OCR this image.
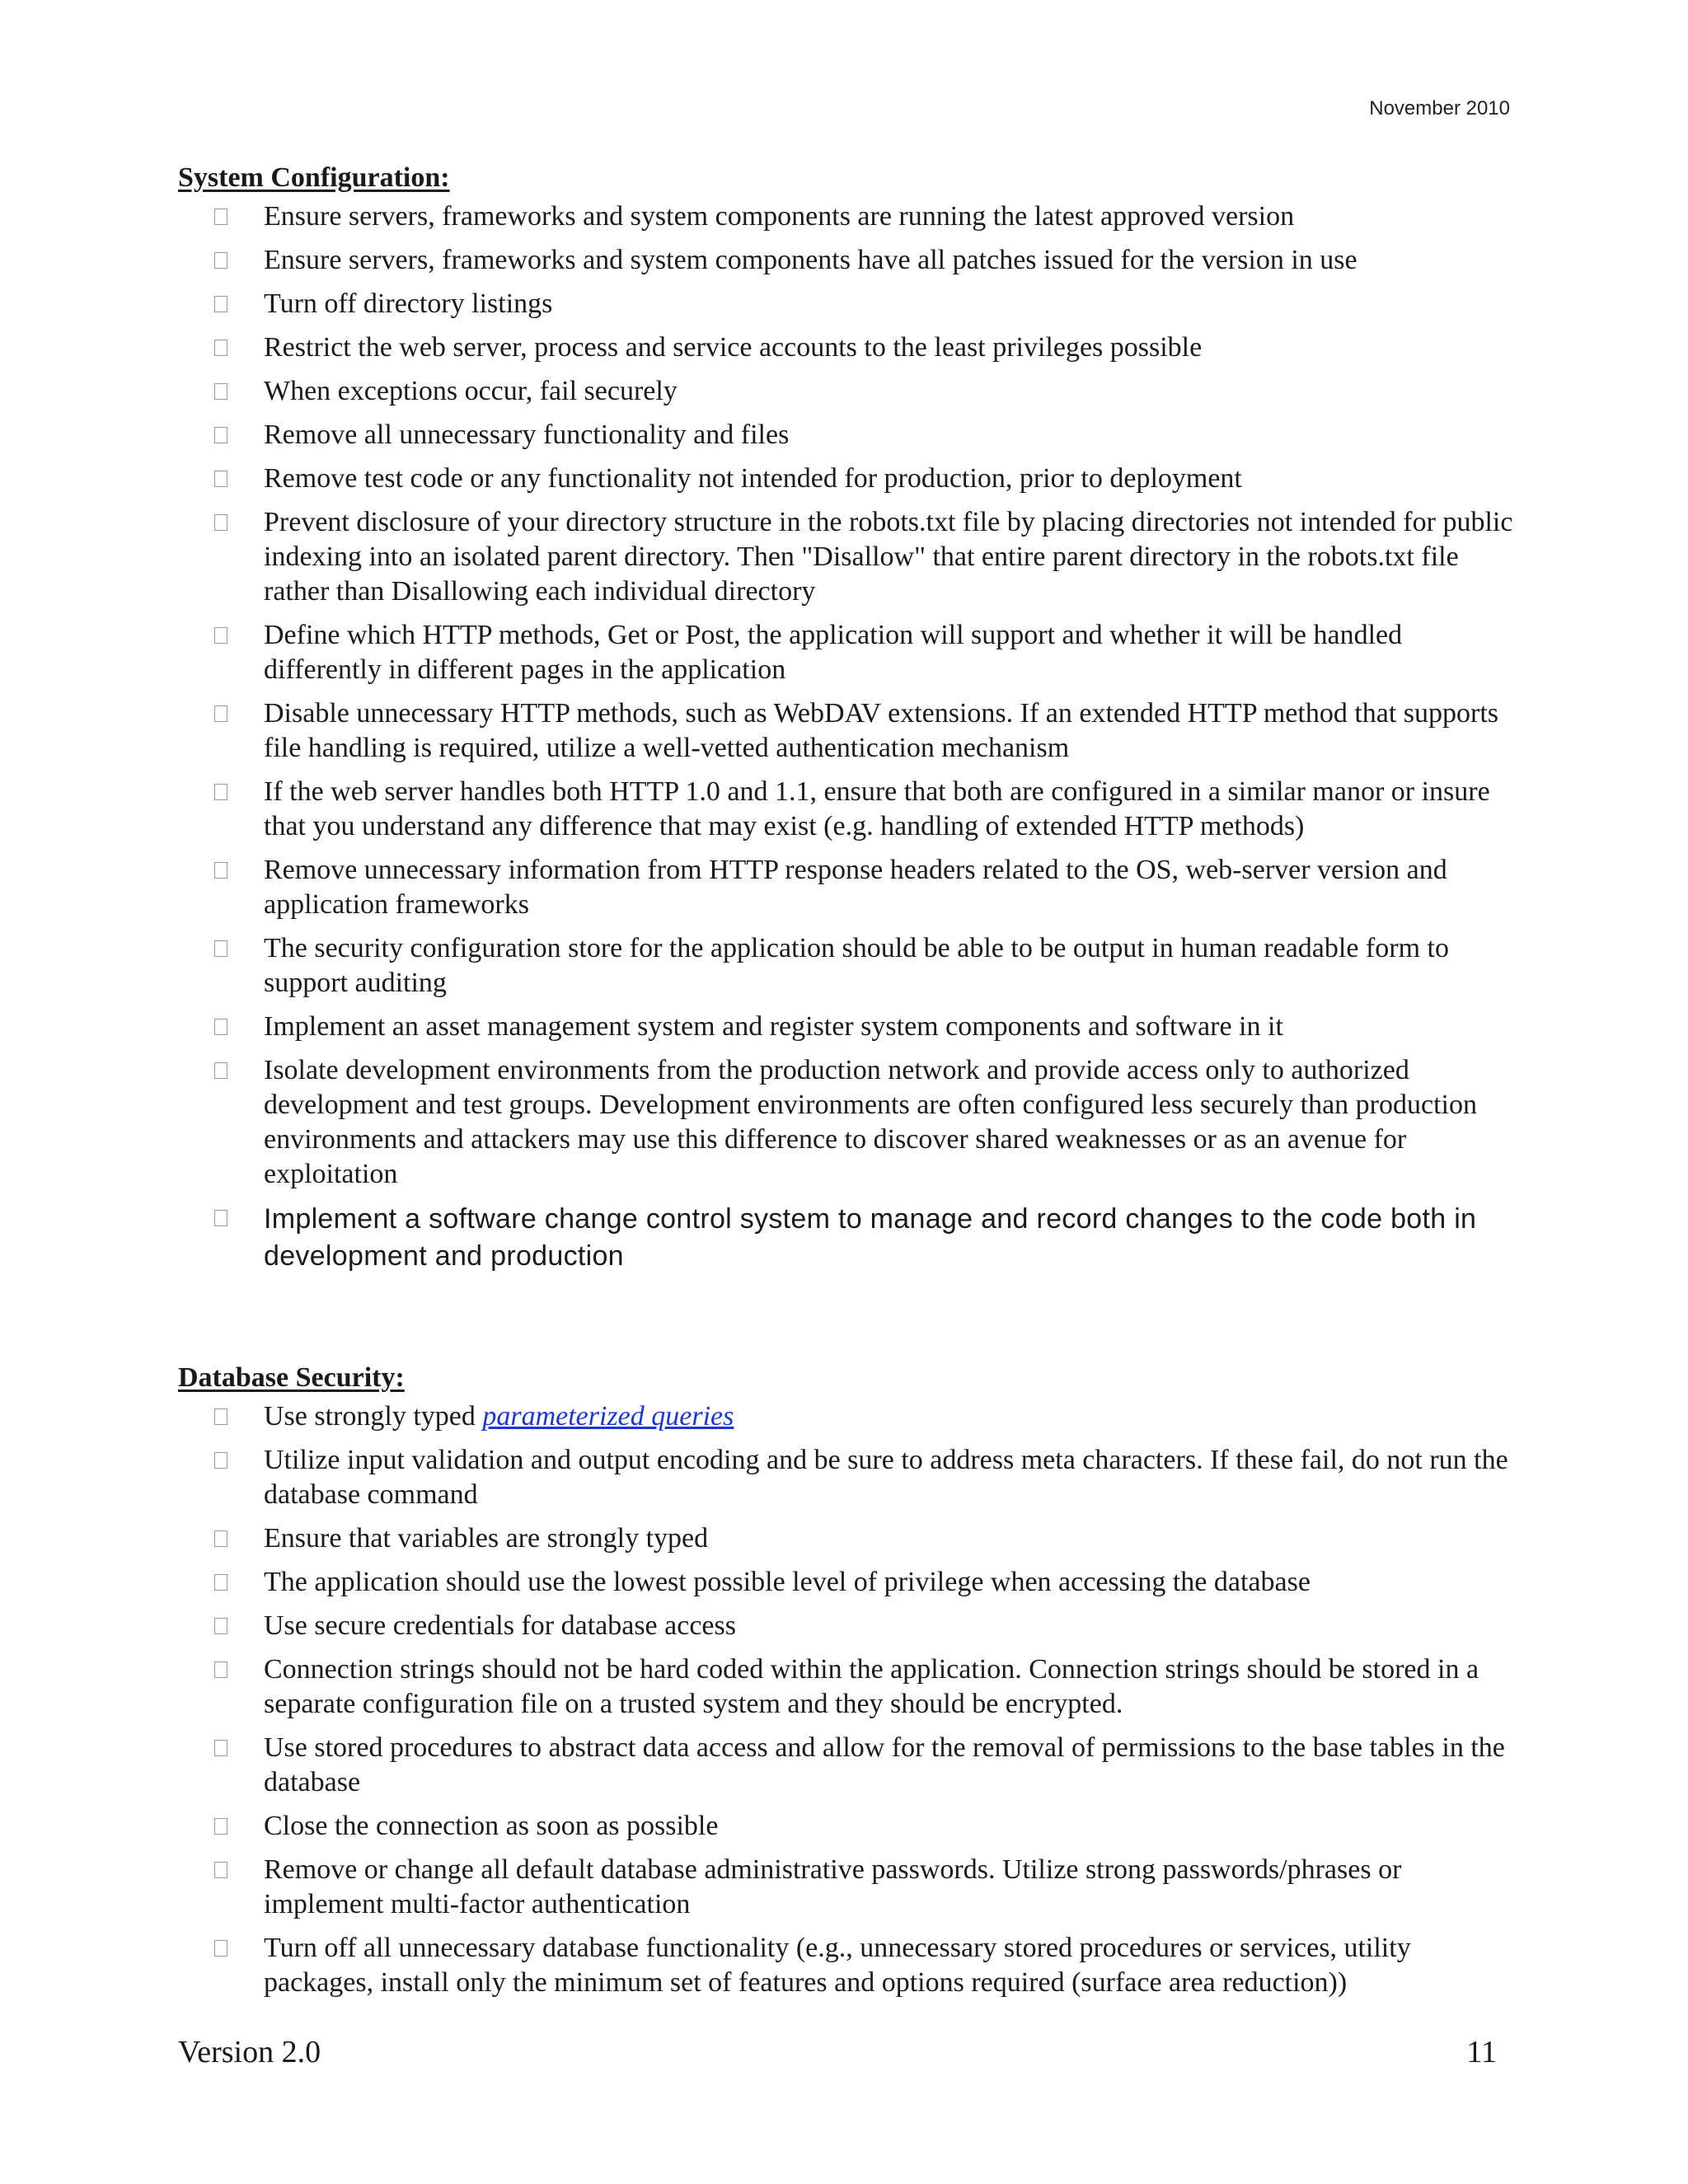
November 2010
System Configuration:
Ensure servers, frameworks and system components are running the latest approved version
Ensure servers, frameworks and system components have all patches issued for the version in use
Turn off directory listings
Restrict the web server, process and service accounts to the least privileges possible
When exceptions occur, fail securely
Remove all unnecessary functionality and files
Remove test code or any functionality not intended for production, prior to deployment
Prevent disclosure of your directory structure in the robots.txt file by placing directories not intended for public indexing into an isolated parent directory. Then "Disallow" that entire parent directory in the robots.txt file rather than Disallowing each individual directory
Define which HTTP methods, Get or Post, the application will support and whether it will be handled differently in different pages in the application
Disable unnecessary HTTP methods, such as WebDAV extensions. If an extended HTTP method that supports file handling is required, utilize a well-vetted authentication mechanism
If the web server handles both HTTP 1.0 and 1.1, ensure that both are configured in a similar manor or insure that you understand any difference that may exist (e.g. handling of extended HTTP methods)
Remove unnecessary information from HTTP response headers related to the OS, web-server version and application frameworks
The security configuration store for the application should be able to be output in human readable form to support auditing
Implement an asset management system and register system components and software in it
Isolate development environments from the production network and provide access only to authorized development and test groups. Development environments are often configured less securely than production environments and attackers may use this difference to discover shared weaknesses or as an avenue for exploitation
Implement a software change control system to manage and record changes to the code both in development and production
Database Security:
Use strongly typed parameterized queries
Utilize input validation and output encoding and be sure to address meta characters. If these fail, do not run the database command
Ensure that variables are strongly typed
The application should use the lowest possible level of privilege when accessing the database
Use secure credentials for database access
Connection strings should not be hard coded within the application. Connection strings should be stored in a separate configuration file on a trusted system and they should be encrypted.
Use stored procedures to abstract data access and allow for the removal of permissions to the base tables in the database
Close the connection as soon as possible
Remove or change all default database administrative passwords. Utilize strong passwords/phrases or implement multi-factor authentication
Turn off all unnecessary database functionality (e.g., unnecessary stored procedures or services, utility packages, install only the minimum set of features and options required (surface area reduction))
Version 2.0	11
